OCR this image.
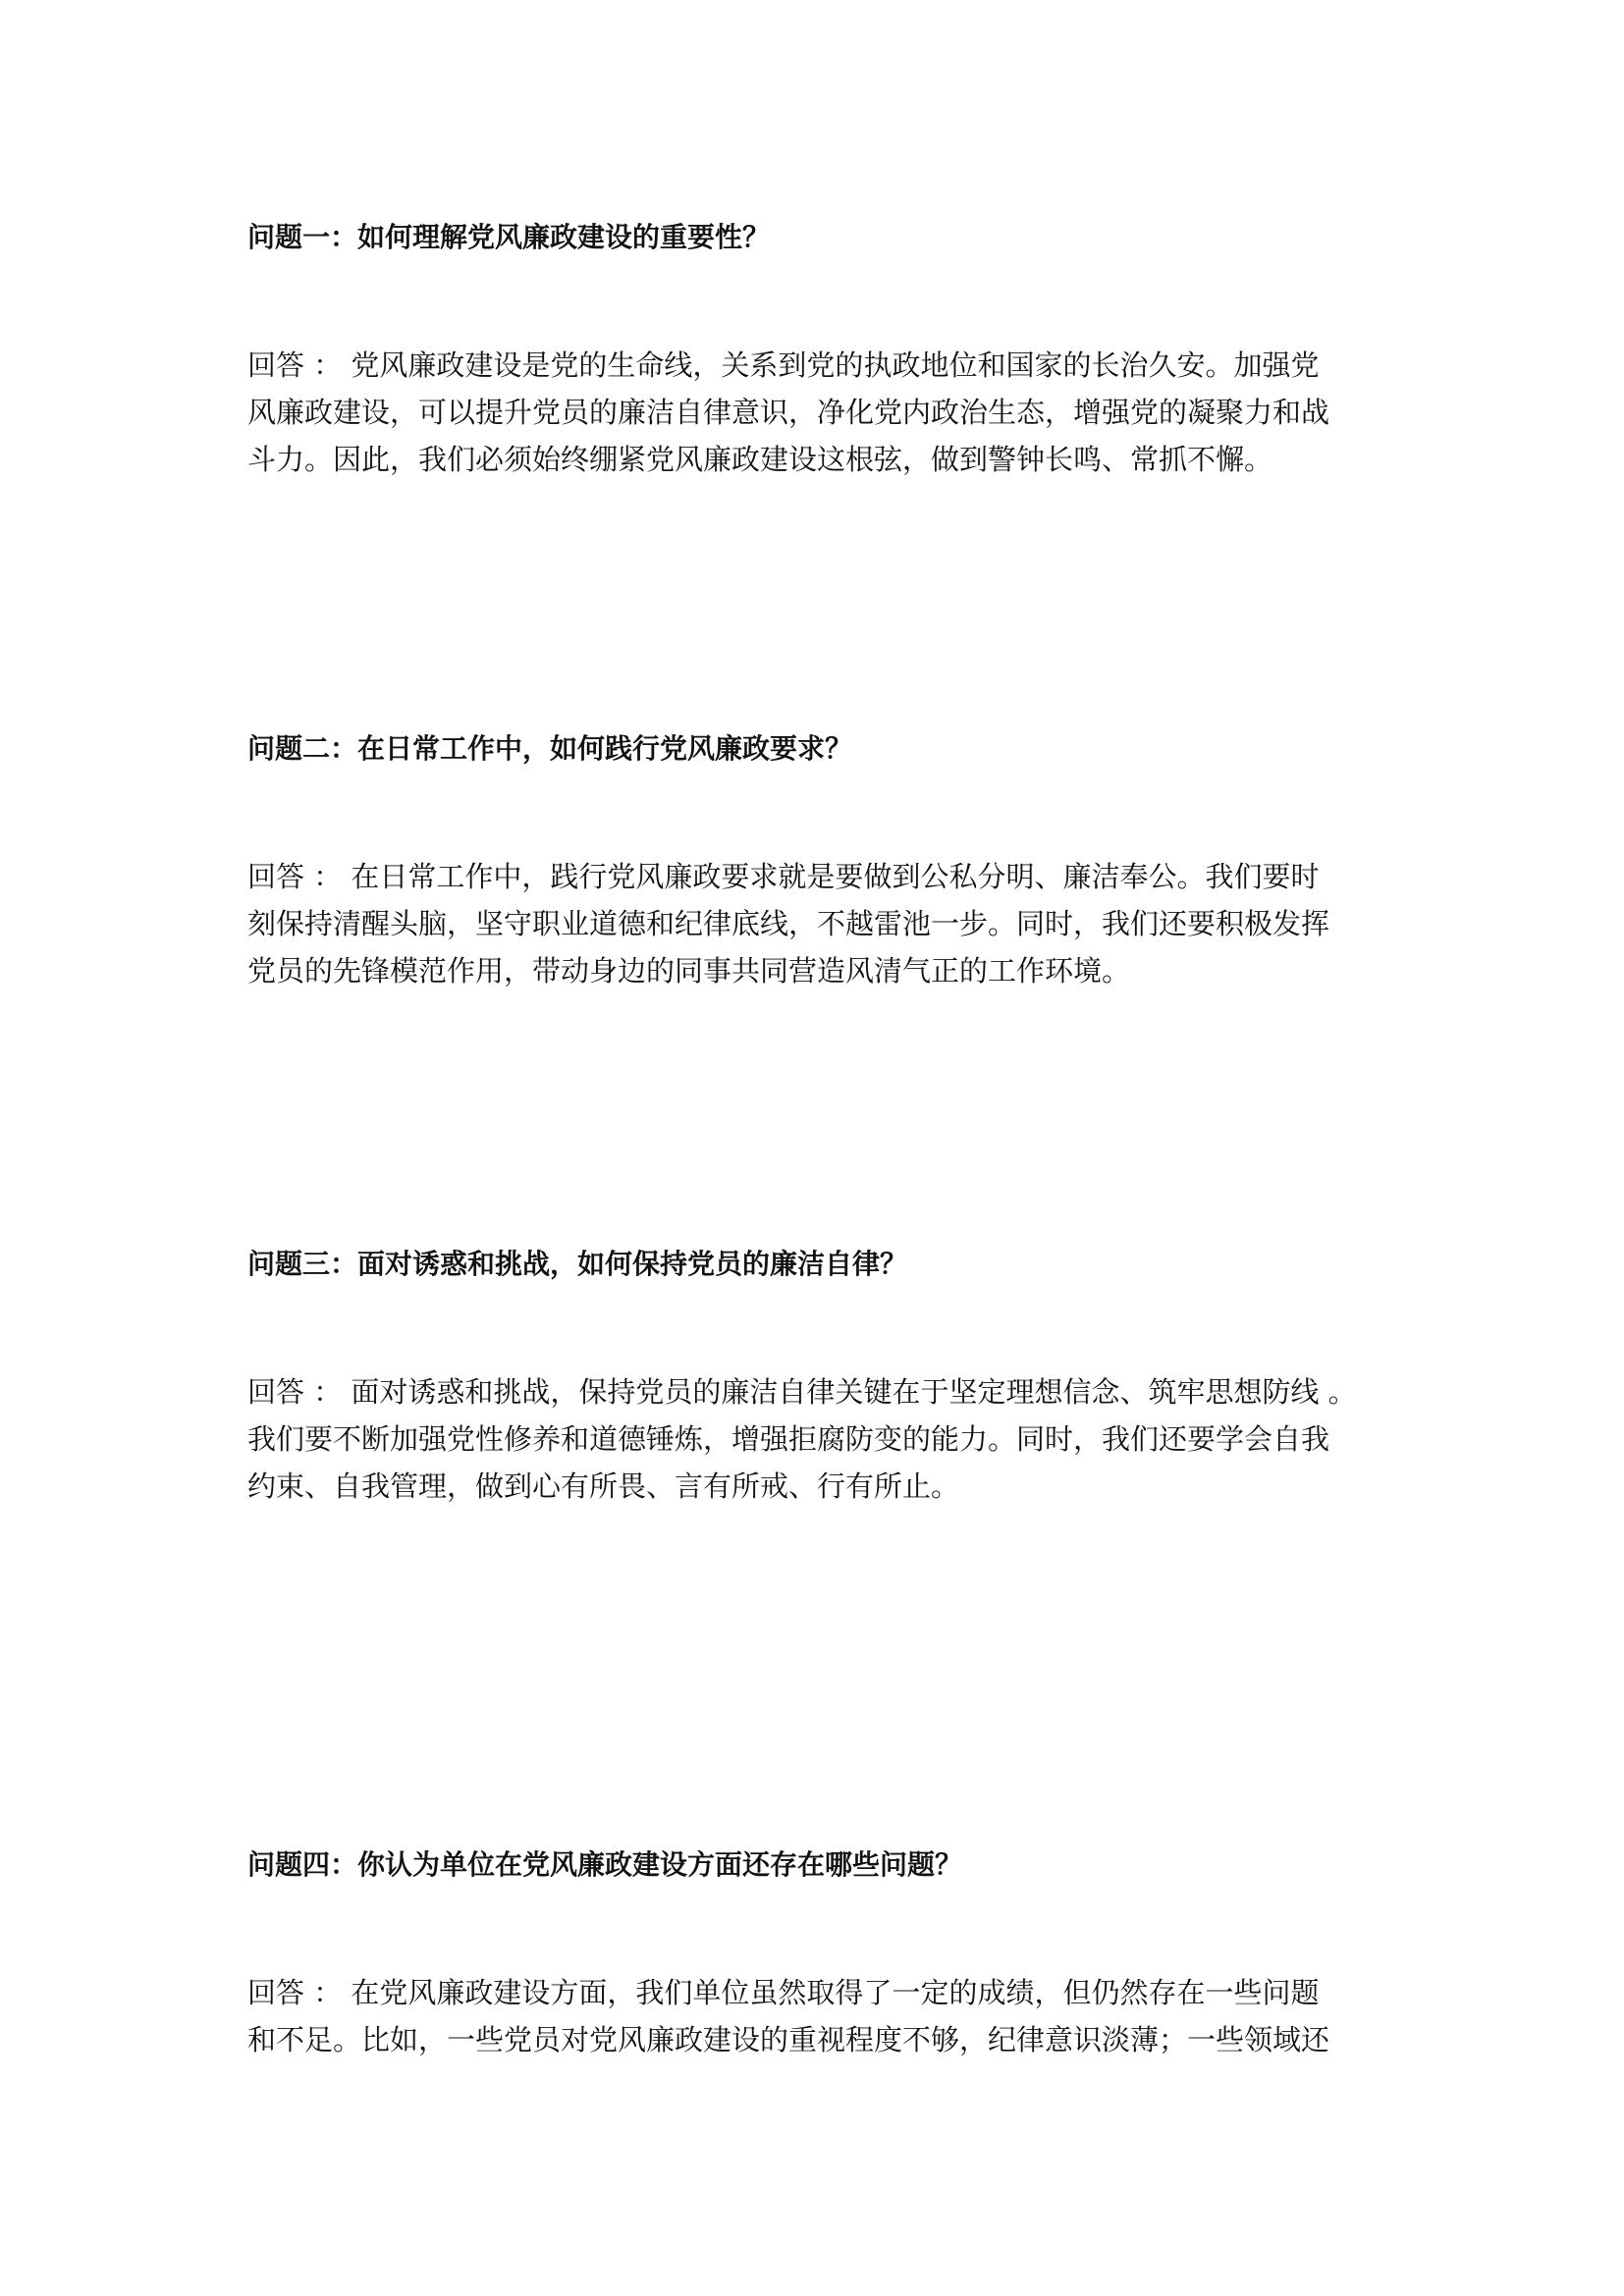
问题一：如何理解党风廉政建设的重要性？

回答 ： 党风廉政建设是党的生命线，关系到党的执政地位和国家的长治久安。加强党
风廉政建设，可以提升党员的廉洁自律意识，净化党内政治生态，增强党的凝聚力和战
斗力。因此，我们必须始终绷紧党风廉政建设这根弦，做到警钟长鸣、常抓不懈。

问题二：在日常工作中，如何践行党风廉政要求？

回答 ： 在日常工作中，践行党风廉政要求就是要做到公私分明、廉洁奉公。我们要时
刻保持清醒头脑，坚守职业道德和纪律底线，不越雷池一步。同时，我们还要积极发挥
党员的先锋模范作用，带动身边的同事共同营造风清气正的工作环境。

问题三：面对诱惑和挑战，如何保持党员的廉洁自律？

回答 ： 面对诱惑和挑战，保持党员的廉洁自律关键在于坚定理想信念、筑牢思想防线 。
我们要不断加强党性修养和道德锤炼，增强拒腐防变的能力。同时，我们还要学会自我
约束、自我管理，做到心有所畏、言有所戒、行有所止。

问题四：你认为单位在党风廉政建设方面还存在哪些问题？

回答 ： 在党风廉政建设方面，我们单位虽然取得了一定的成绩，但仍然存在一些问题
和不足。比如，一些党员对党风廉政建设的重视程度不够，纪律意识淡薄；一些领域还
